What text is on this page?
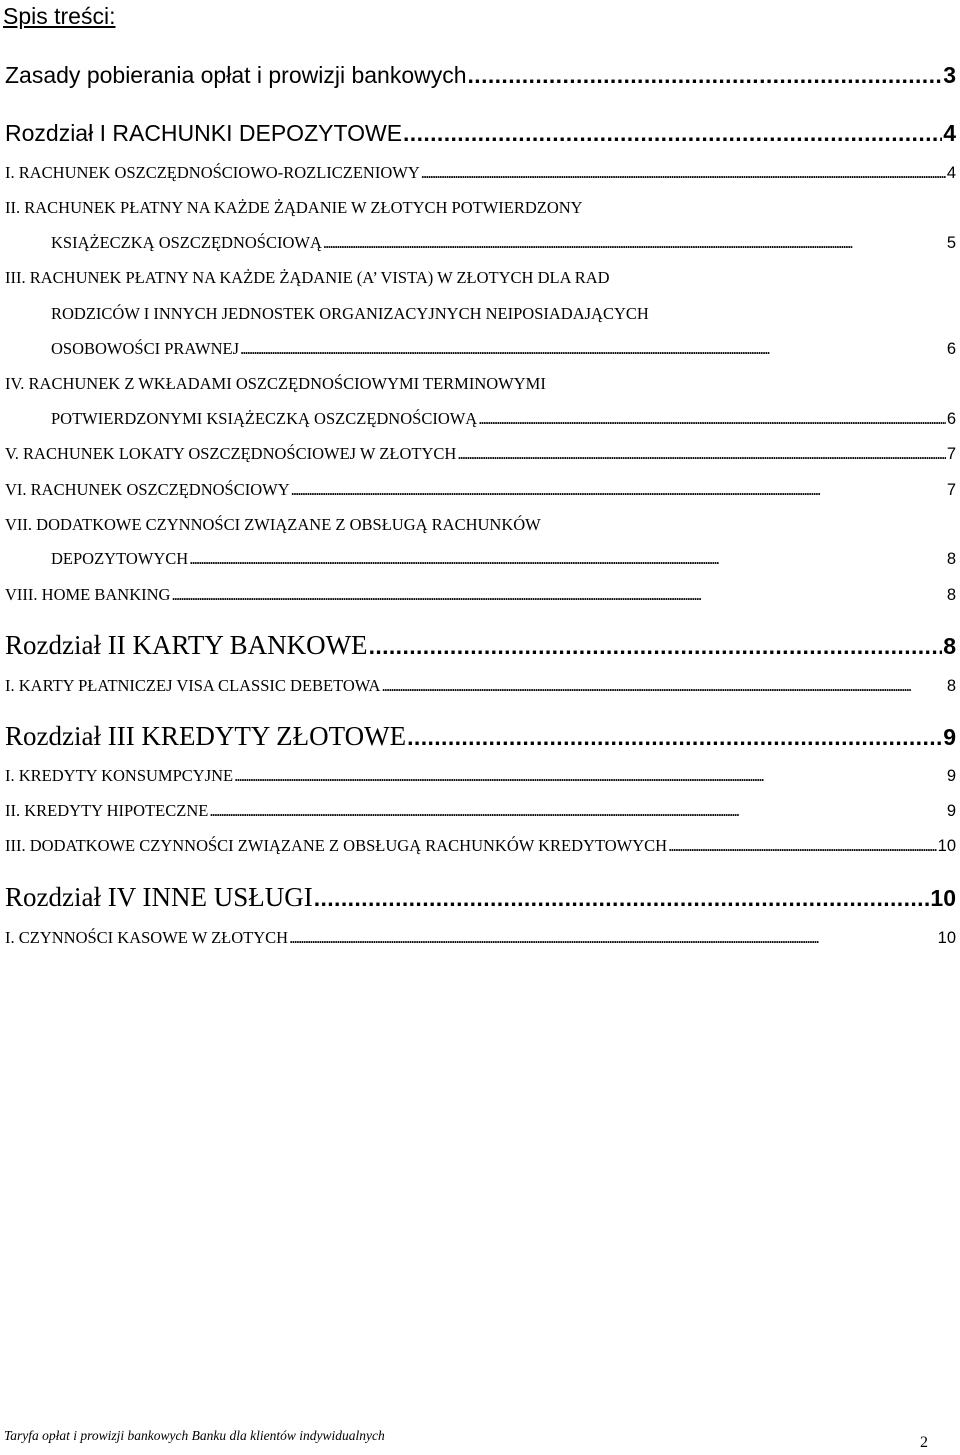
Spis treści:
Zasady pobierania opłat i prowizji bankowych . . .	3
Rozdział I RACHUNKI DEPOZYTOWE . . .	4
I. RACHUNEK OSZCZĘDNOŚCIOWO-ROZLICZENIOWY . . .	4
II. RACHUNEK PŁATNY NA KAŻDE ŻĄDANIE W ZŁOTYCH POTWIERDZONY
KSIĄŻECZKĄ OSZCZĘDNOŚCIOWĄ . . .	5
III. RACHUNEK PŁATNY NA KAŻDE ŻĄDANIE (A’ VISTA) W ZŁOTYCH DLA RAD
RODZICÓW I INNYCH JEDNOSTEK ORGANIZACYJNYCH NEIPOSIADAJĄCYCH
OSOBOWOŚCI PRAWNEJ . . .	6
IV. RACHUNEK Z WKŁADAMI OSZCZĘDNOŚCIOWYMI TERMINOWYMI
POTWIERDZONYMI KSIĄŻECZKĄ OSZCZĘDNOŚCIOWĄ . . .	6
V. RACHUNEK LOKATY OSZCZĘDNOŚCIOWEJ W ZŁOTYCH . . .	7
VI. RACHUNEK OSZCZĘDNOŚCIOWY . . .	7
VII. DODATKOWE CZYNNOŚCI ZWIĄZANE Z OBSŁUGĄ RACHUNKÓW
DEPOZYTOWYCH . . .	8
VIII. HOME BANKING . . .	8
Rozdział II KARTY BANKOWE . . .	8
I. KARTY PŁATNICZEJ VISA CLASSIC DEBETOWA . . .	8
Rozdział III KREDYTY ZŁOTOWE . . .	9
I. KREDYTY KONSUMPCYJNE . . .	9
II. KREDYTY HIPOTECZNE . . .	9
III. DODATKOWE CZYNNOŚCI ZWIĄZANE Z OBSŁUGĄ RACHUNKÓW KREDYTOWYCH . . .	10
Rozdział IV INNE USŁUGI . . .	10
I. CZYNNOŚCI KASOWE W ZŁOTYCH . . .	10
Taryfa opłat i prowizji bankowych Banku dla klientów indywidualnych	2
